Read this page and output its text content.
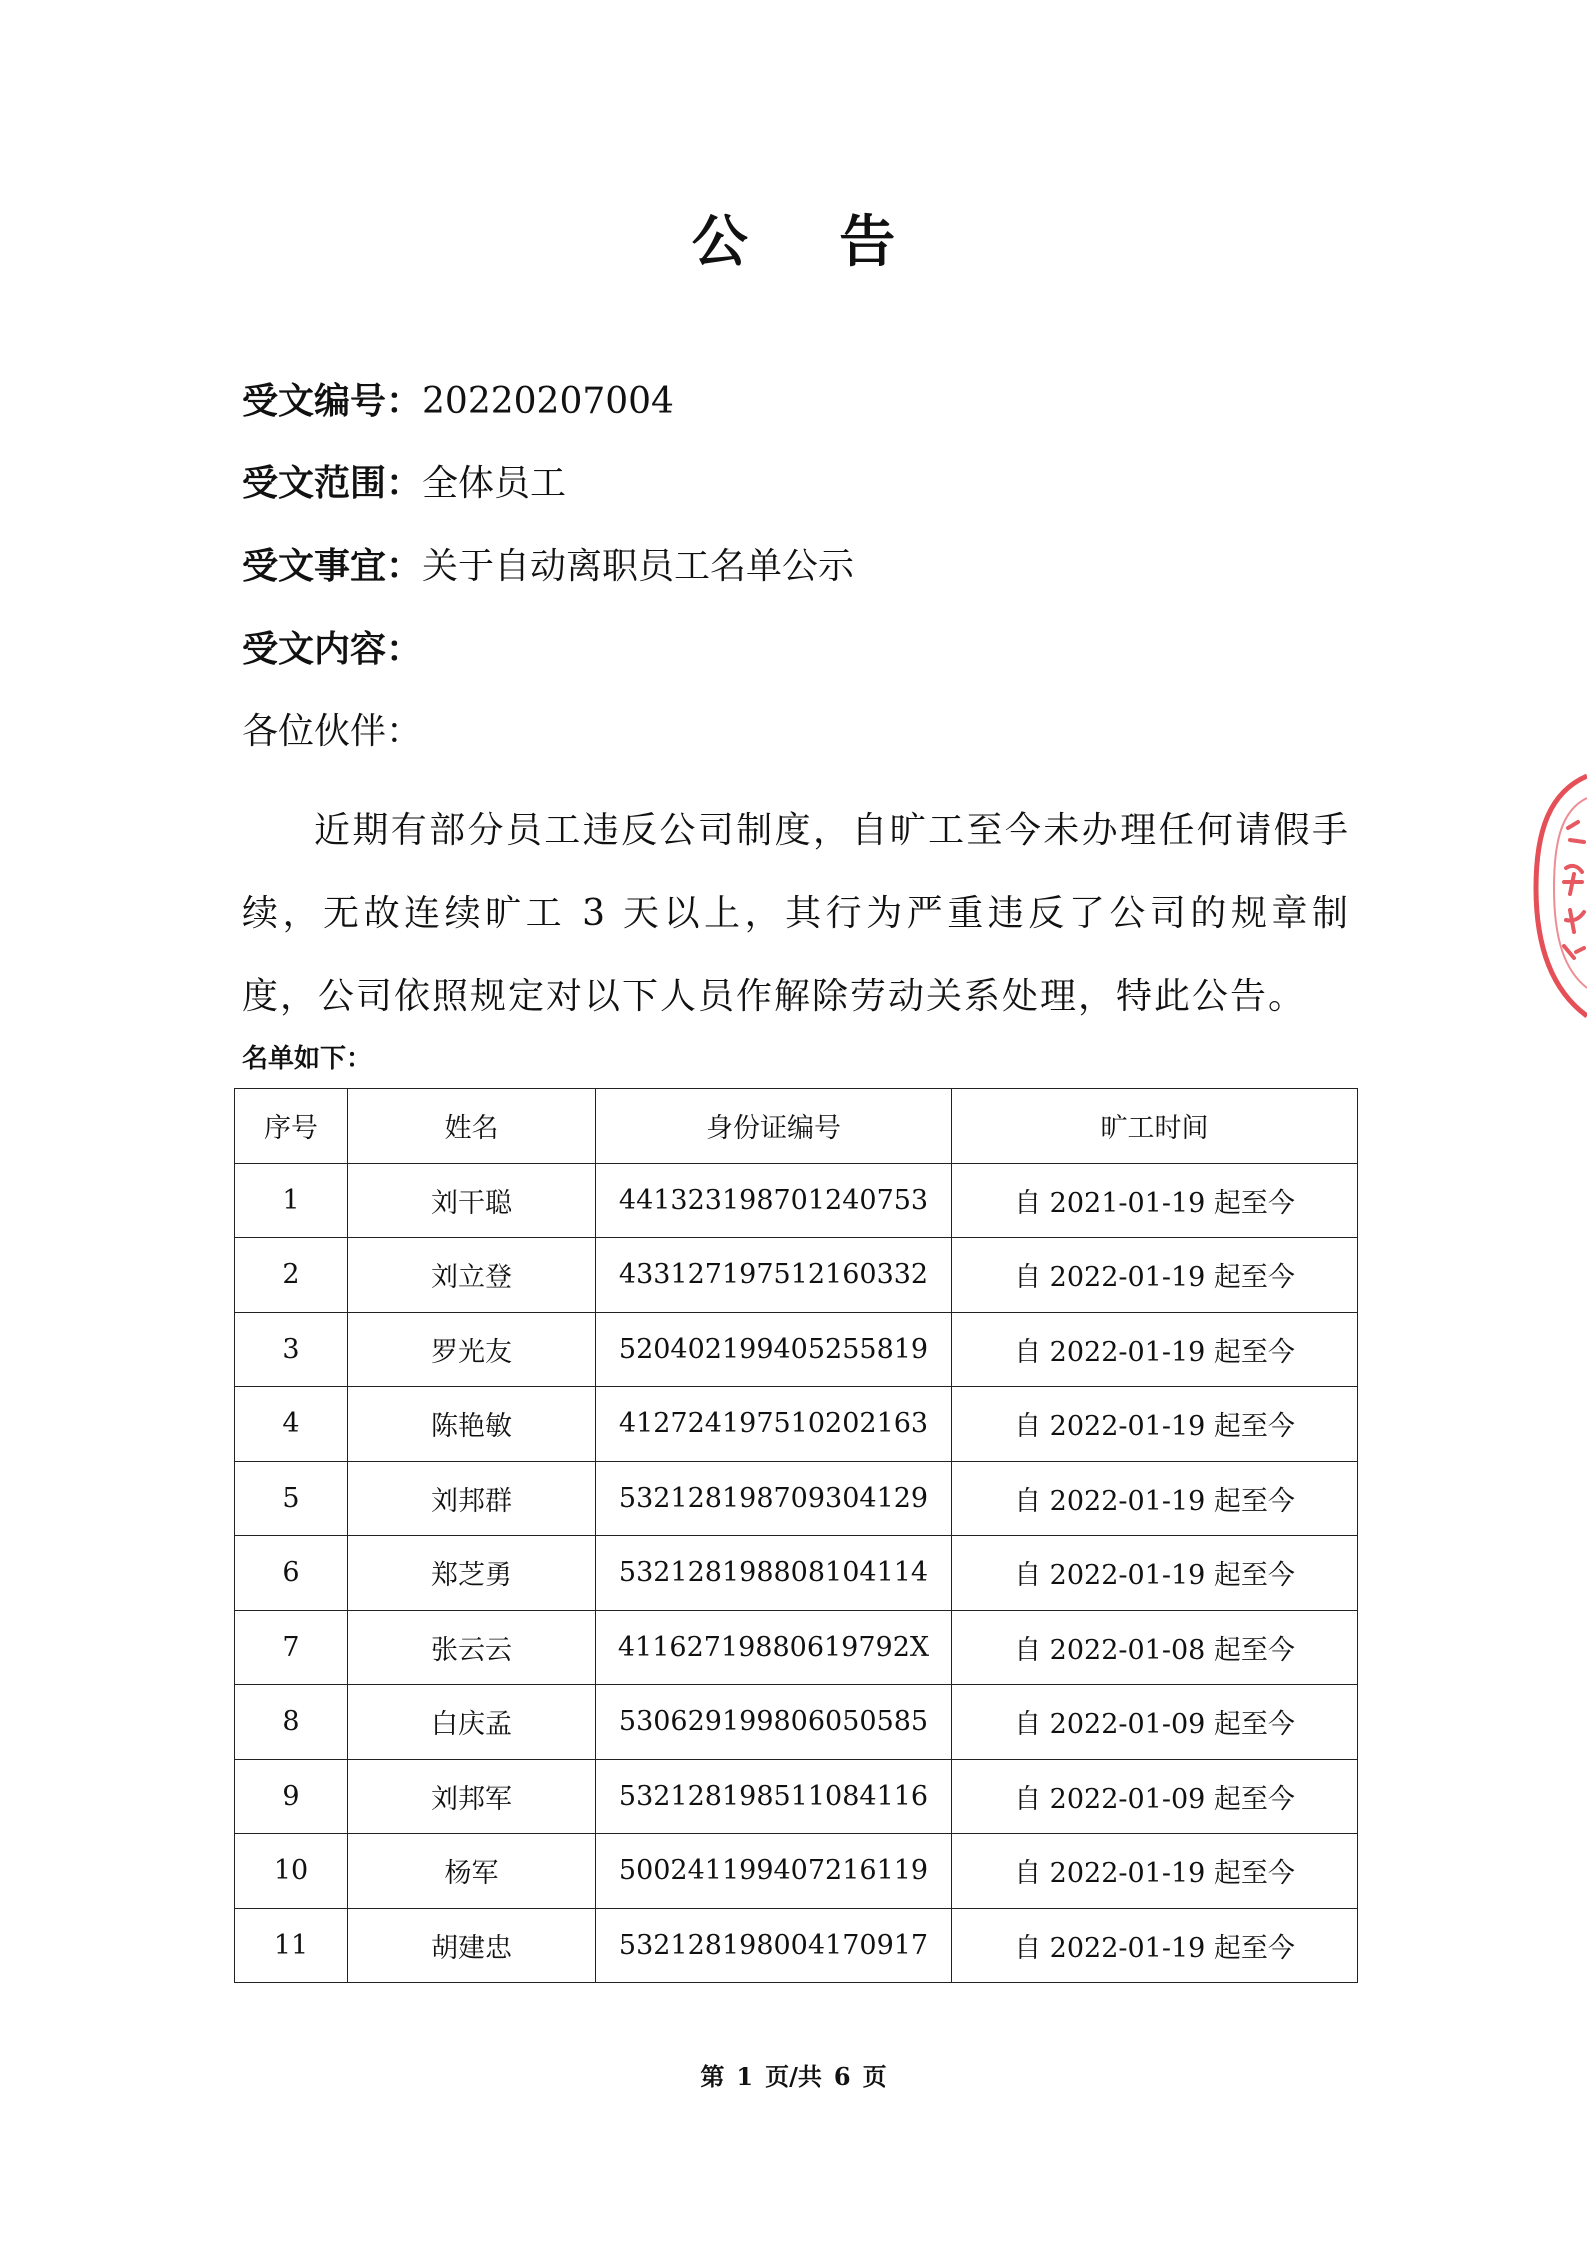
公 告
受文编号：20220207004
受文范围：全体员工
受文事宜：关于自动离职员工名单公示
受文内容：
各位伙伴：
近期有部分员工违反公司制度，自旷工至今未办理任何请假手续，无故连续旷工 3 天以上，其行为严重违反了公司的规章制度，公司依照规定对以下人员作解除劳动关系处理，特此公告。
名单如下：
序号	姓名	身份证编号	旷工时间
1	刘干聪	441323198701240753	自 2021-01-19 起至今
2	刘立登	433127197512160332	自 2022-01-19 起至今
3	罗光友	520402199405255819	自 2022-01-19 起至今
4	陈艳敏	412724197510202163	自 2022-01-19 起至今
5	刘邦群	532128198709304129	自 2022-01-19 起至今
6	郑芝勇	532128198808104114	自 2022-01-19 起至今
7	张云云	41162719880619792X	自 2022-01-08 起至今
8	白庆孟	530629199806050585	自 2022-01-09 起至今
9	刘邦军	532128198511084116	自 2022-01-09 起至今
10	杨军	500241199407216119	自 2022-01-19 起至今
11	胡建忠	532128198004170917	自 2022-01-19 起至今
第 1 页/共 6 页
